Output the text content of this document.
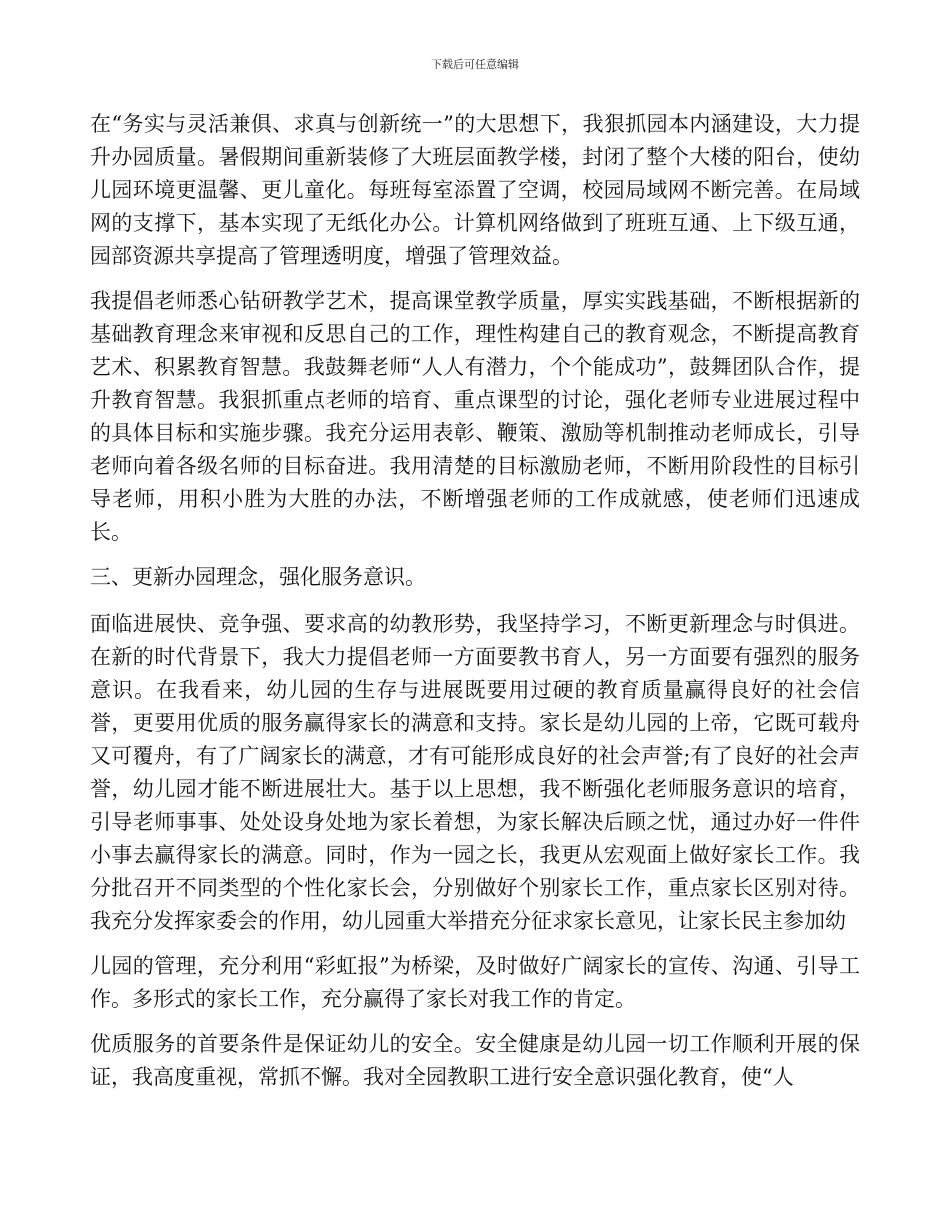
下载后可任意编辑

在“务实与灵活兼俱、求真与创新统一”的大思想下，我狠抓园本内涵建设，大力提升办园质量。暑假期间重新装修了大班层面教学楼，封闭了整个大楼的阳台，使幼儿园环境更温馨、更儿童化。每班每室添置了空调，校园局域网不断完善。在局域网的支撑下，基本实现了无纸化办公。计算机网络做到了班班互通、上下级互通，园部资源共享提高了管理透明度，增强了管理效益。

我提倡老师悉心钻研教学艺术，提高课堂教学质量，厚实实践基础，不断根据新的基础教育理念来审视和反思自己的工作，理性构建自己的教育观念，不断提高教育艺术、积累教育智慧。我鼓舞老师“人人有潜力，个个能成功”，鼓舞团队合作，提升教育智慧。我狠抓重点老师的培育、重点课型的讨论，强化老师专业进展过程中的具体目标和实施步骤。我充分运用表彰、鞭策、激励等机制推动老师成长，引导老师向着各级名师的目标奋进。我用清楚的目标激励老师，不断用阶段性的目标引导老师，用积小胜为大胜的办法，不断增强老师的工作成就感，使老师们迅速成长。

三、更新办园理念，强化服务意识。

面临进展快、竞争强、要求高的幼教形势，我坚持学习，不断更新理念与时俱进。在新的时代背景下，我大力提倡老师一方面要教书育人，另一方面要有强烈的服务意识。在我看来，幼儿园的生存与进展既要用过硬的教育质量赢得良好的社会信誉，更要用优质的服务赢得家长的满意和支持。家长是幼儿园的上帝，它既可载舟又可覆舟，有了广阔家长的满意，才有可能形成良好的社会声誉;有了良好的社会声誉，幼儿园才能不断进展壮大。基于以上思想，我不断强化老师服务意识的培育，引导老师事事、处处设身处地为家长着想，为家长解决后顾之忧，通过办好一件件小事去赢得家长的满意。同时，作为一园之长，我更从宏观面上做好家长工作。我分批召开不同类型的个性化家长会，分别做好个别家长工作，重点家长区别对待。我充分发挥家委会的作用，幼儿园重大举措充分征求家长意见，让家长民主参加幼

儿园的管理，充分利用“彩虹报”为桥梁，及时做好广阔家长的宣传、沟通、引导工作。多形式的家长工作，充分赢得了家长对我工作的肯定。

优质服务的首要条件是保证幼儿的安全。安全健康是幼儿园一切工作顺利开展的保证，我高度重视，常抓不懈。我对全园教职工进行安全意识强化教育，使“人
